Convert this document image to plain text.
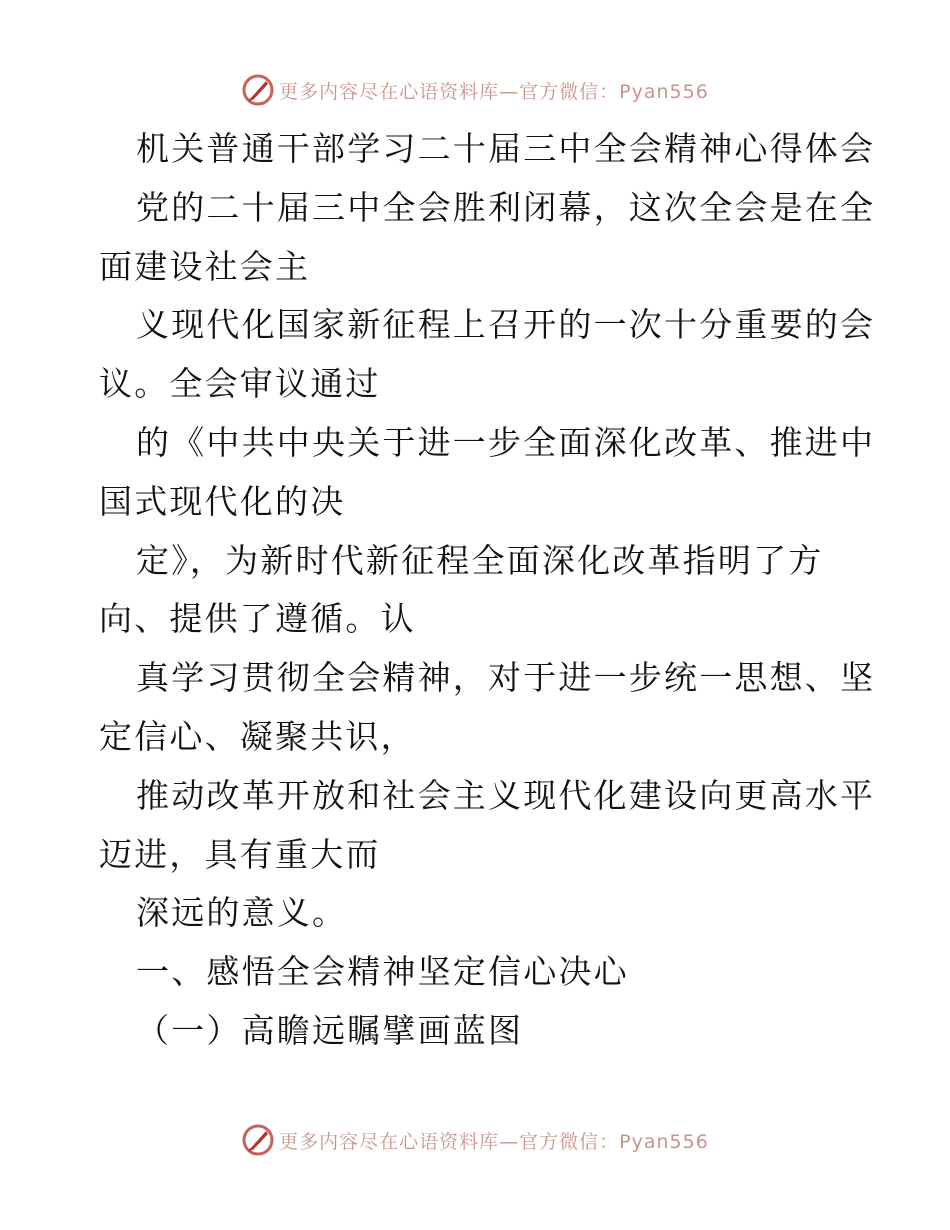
更多内容尽在心语资料库—官方微信：Pyan556
机关普通干部学习二十届三中全会精神心得体会
党的二十届三中全会胜利闭幕，这次全会是在全
面建设社会主
义现代化国家新征程上召开的一次十分重要的会
议。全会审议通过
的《中共中央关于进一步全面深化改革、推进中
国式现代化的决
定》，为新时代新征程全面深化改革指明了方
向、提供了遵循。认
真学习贯彻全会精神，对于进一步统一思想、坚
定信心、凝聚共识，
推动改革开放和社会主义现代化建设向更高水平
迈进，具有重大而
深远的意义。
一、感悟全会精神坚定信心决心
（一）高瞻远瞩擘画蓝图
更多内容尽在心语资料库—官方微信：Pyan556
